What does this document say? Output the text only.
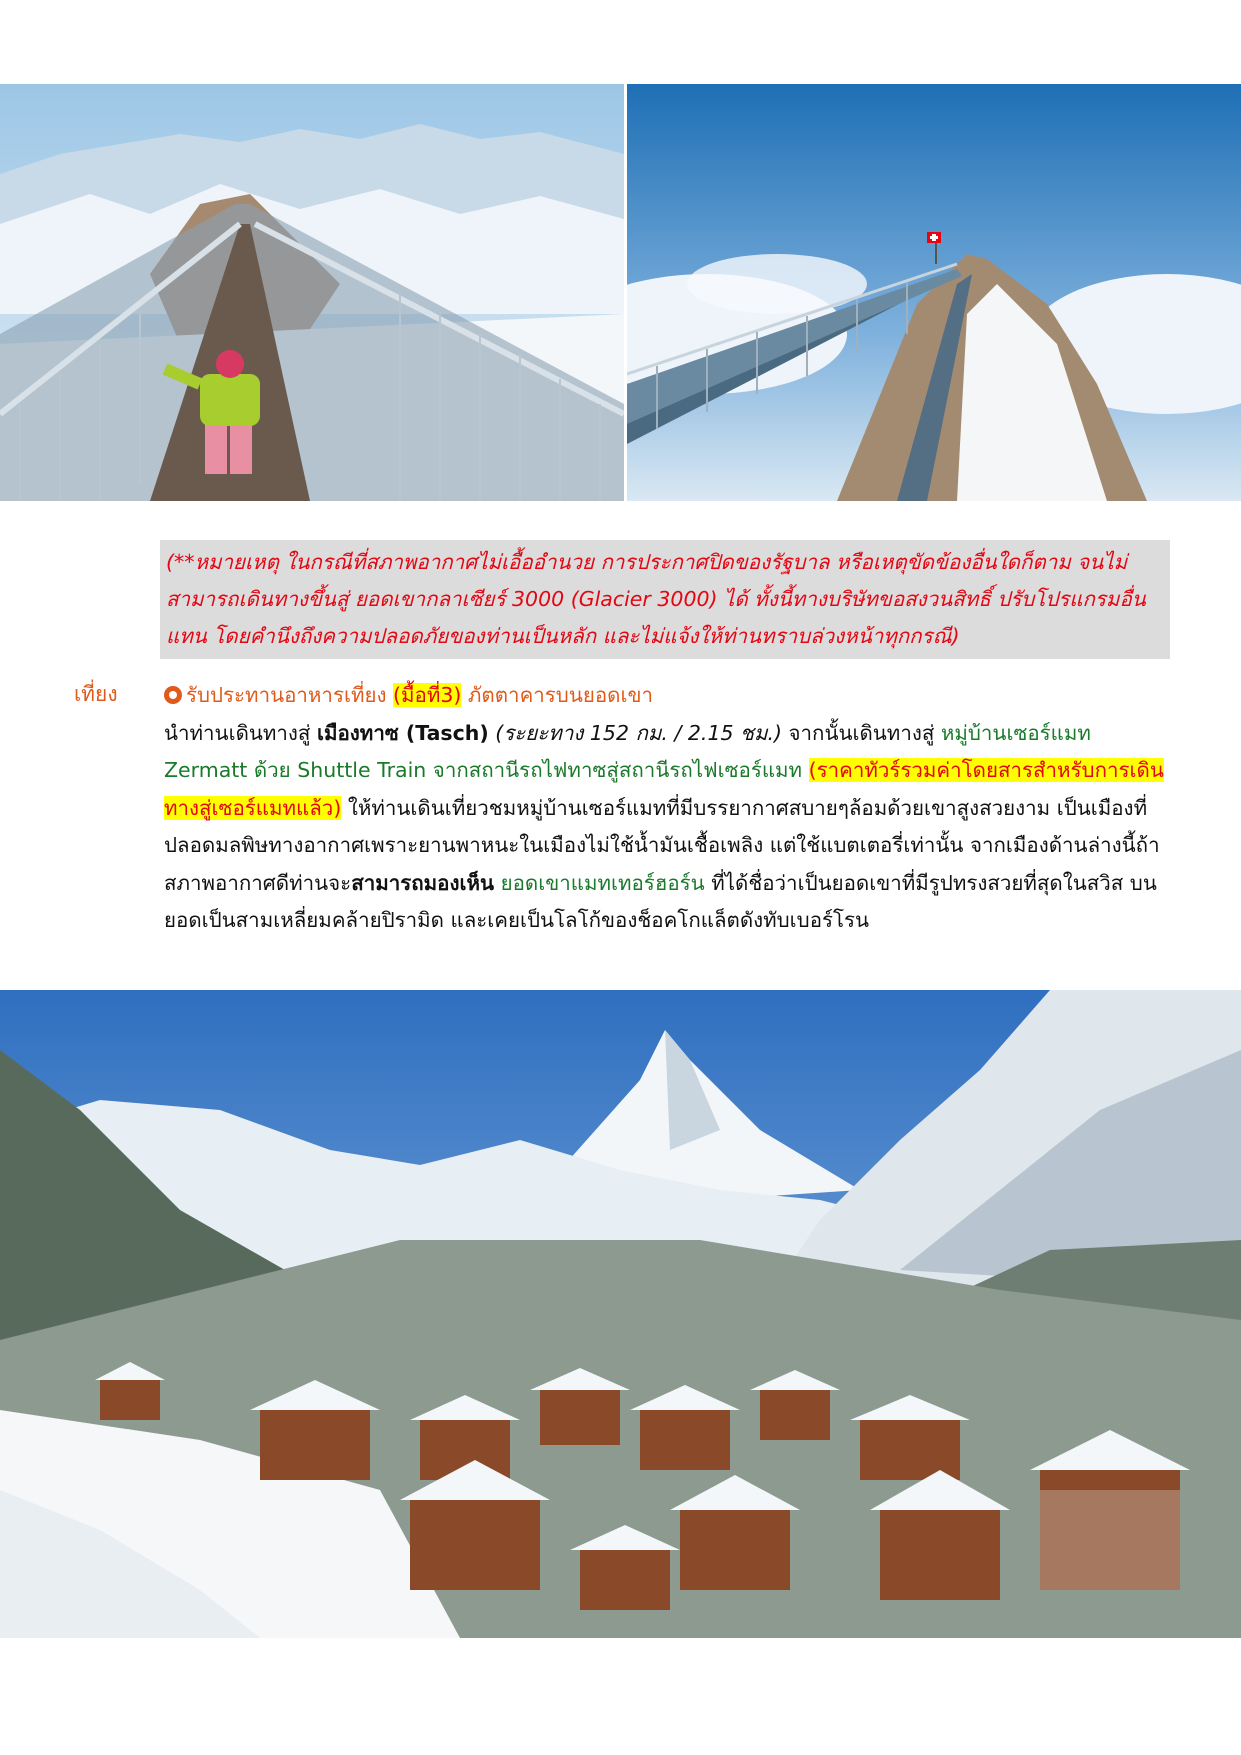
(**หมายเหตุ ในกรณีที่สภาพอากาศไม่เอื้ออำนวย การประกาศปิดของรัฐบาล หรือเหตุขัดข้องอื่นใดก็ตาม จนไม่สามารถเดินทางขึ้นสู่ ยอดเขากลาเซียร์ 3000 (Glacier 3000) ได้ ทั้งนี้ทางบริษัทขอสงวนสิทธิ์ ปรับโปรแกรมอื่นแทน โดยคำนึงถึงความปลอดภัยของท่านเป็นหลัก และไม่แจ้งให้ท่านทราบล่วงหน้าทุกกรณี)
เที่ยง	รับประทานอาหารเที่ยง (มื้อที่3) ภัตตาคารบนยอดเขา
นำท่านเดินทางสู่ เมืองทาซ (Tasch) (ระยะทาง 152 กม. / 2.15 ชม.) จากนั้นเดินทางสู่ หมู่บ้านเซอร์แมท Zermatt ด้วย Shuttle Train จากสถานีรถไฟทาซสู่สถานีรถไฟเซอร์แมท (ราคาทัวร์รวมค่าโดยสารสำหรับการเดินทางสู่เซอร์แมทแล้ว) ให้ท่านเดินเที่ยวชมหมู่บ้านเซอร์แมทที่มีบรรยากาศสบายๆล้อมด้วยเขาสูงสวยงาม เป็นเมืองที่ปลอดมลพิษทางอากาศเพราะยานพาหนะในเมืองไม่ใช้น้ำมันเชื้อเพลิง แต่ใช้แบตเตอรี่เท่านั้น จากเมืองด้านล่างนี้ถ้าสภาพอากาศดีท่านจะสามารถมองเห็น ยอดเขาแมทเทอร์ฮอร์น ที่ได้ชื่อว่าเป็นยอดเขาที่มีรูปทรงสวยที่สุดในสวิส บนยอดเป็นสามเหลี่ยมคล้ายปิรามิด และเคยเป็นโลโก้ของช็อคโกแล็ตดังทับเบอร์โรน
